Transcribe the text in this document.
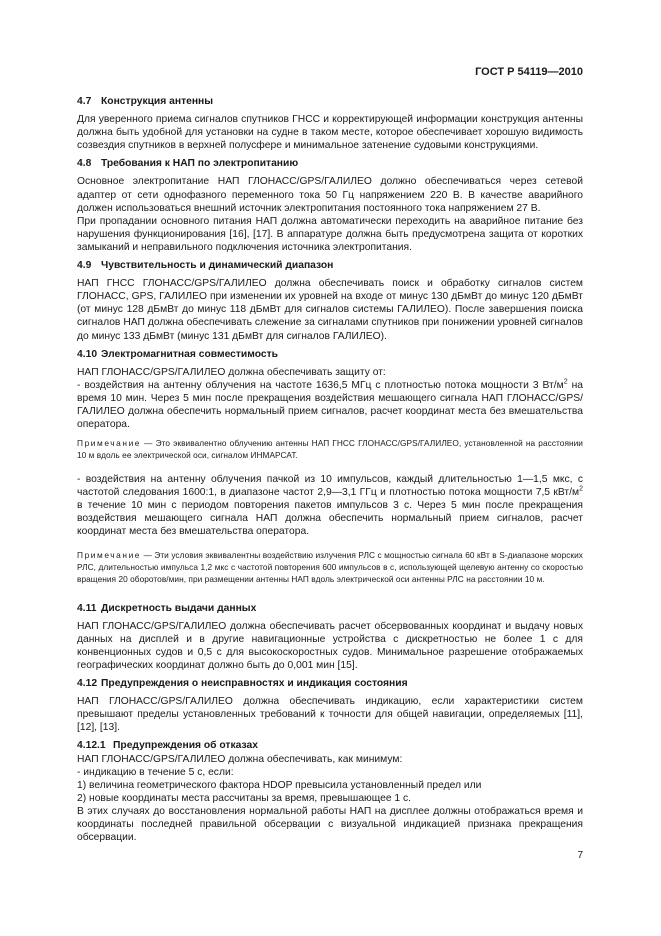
ГОСТ Р 54119—2010
4.7 Конструкция антенны

Для уверенного приема сигналов спутников ГНСС и корректирующей информации конструкция антенны должна быть удобной для установки на судне в таком месте, которое обеспечивает хорошую видимость созвездия спутников в верхней полусфере и минимальное затенение судовыми конструкциями.

4.8 Требования к НАП по электропитанию

Основное электропитание НАП ГЛОНАСС/GPS/ГАЛИЛЕО должно обеспечиваться через сетевой адаптер от сети однофазного переменного тока 50 Гц напряжением 220 В. В качестве аварийного должен использоваться внешний источник электропитания постоянного тока напряжением 27 В.

При пропадании основного питания НАП должна автоматически переходить на аварийное питание без нарушения функционирования [16], [17]. В аппаратуре должна быть предусмотрена защита от коротких замыканий и неправильного подключения источника электропитания.

4.9 Чувствительность и динамический диапазон

НАП ГНСС ГЛОНАСС/GPS/ГАЛИЛЕО должна обеспечивать поиск и обработку сигналов систем ГЛОНАСС, GPS, ГАЛИЛЕО при изменении их уровней на входе от минус 130 дБмВт до минус 120 дБмВт (от минус 128 дБмВт до минус 118 дБмВт для сигналов системы ГАЛИЛЕО). После завершения поиска сигналов НАП должна обеспечивать слежение за сигналами спутников при понижении уровней сигналов до минус 133 дБмВт (минус 131 дБмВт для сигналов ГАЛИЛЕО).

4.10 Электромагнитная совместимость

НАП ГЛОНАСС/GPS/ГАЛИЛЕО должна обеспечивать защиту от:

- воздействия на антенну облучения на частоте 1636,5 МГц с плотностью потока мощности 3 $Вт/м^2$ на время 10 мин. Через 5 мин после прекращения воздействия мешающего сигнала НАП ГЛОНАСС/GPS/ГАЛИЛЕО должна обеспечить нормальный прием сигналов, расчет координат места без вмешательства оператора.

Примечание — Это эквивалентно облучению антенны НАП ГНСС ГЛОНАСС/GPS/ГАЛИЛЕО, установленной на расстоянии 10 м вдоль ее электрической оси, сигналом ИНМАРСАТ.

- воздействия на антенну облучения пачкой из 10 импульсов, каждый длительностью 1—1,5 мкс, с частотой следования 1600:1, в диапазоне частот 2,9—3,1 ГГц и плотностью потока мощности 7,5 кВт/$м^2$ в течение 10 мин с периодом повторения пакетов импульсов 3 с. Через 5 мин после прекращения воздействия мешающего сигнала НАП должна обеспечить нормальный прием сигналов, расчет координат места без вмешательства оператора.

Примечание — Эти условия эквивалентны воздействию излучения РЛС с мощностью сигнала 60 кВт в S-диапазоне морских РЛС, длительностью импульса 1,2 мкс с частотой повторения 600 импульсов в с, использующей щелевую антенну со скоростью вращения 20 оборотов/мин, при размещении антенны НАП вдоль электрической оси антенны РЛС на расстоянии 10 м.
4.11 Дискретность выдачи данных

НАП ГЛОНАСС/GPS/ГАЛИЛЕО должна обеспечивать расчет обсервованных координат и выдачу новых данных на дисплей и в другие навигационные устройства с дискретностью не более 1 с для конвенционных судов и 0,5 с для высокоскоростных судов. Минимальное разрешение отображаемых географических координат должно быть до 0,001 мин [15].

4.12 Предупреждения о неисправностях и индикация состояния

НАП ГЛОНАСС/GPS/ГАЛИЛЕО должна обеспечивать индикацию, если характеристики систем превышают пределы установленных требований к точности для общей навигации, определяемых [11], [12], [13].

4.12.1 Предупреждения об отказах

НАП ГЛОНАСС/GPS/ГАЛИЛЕО должна обеспечивать, как минимум:

- индикацию в течение 5 с, если:

1) величина геометрического фактора HDOP превысила установленный предел или

2) новые координаты места рассчитаны за время, превышающее 1 с.

В этих случаях до восстановления нормальной работы НАП на дисплее должны отображаться время и координаты последней правильной обсервации с визуальной индикацией признака прекращения обсервации.

7
